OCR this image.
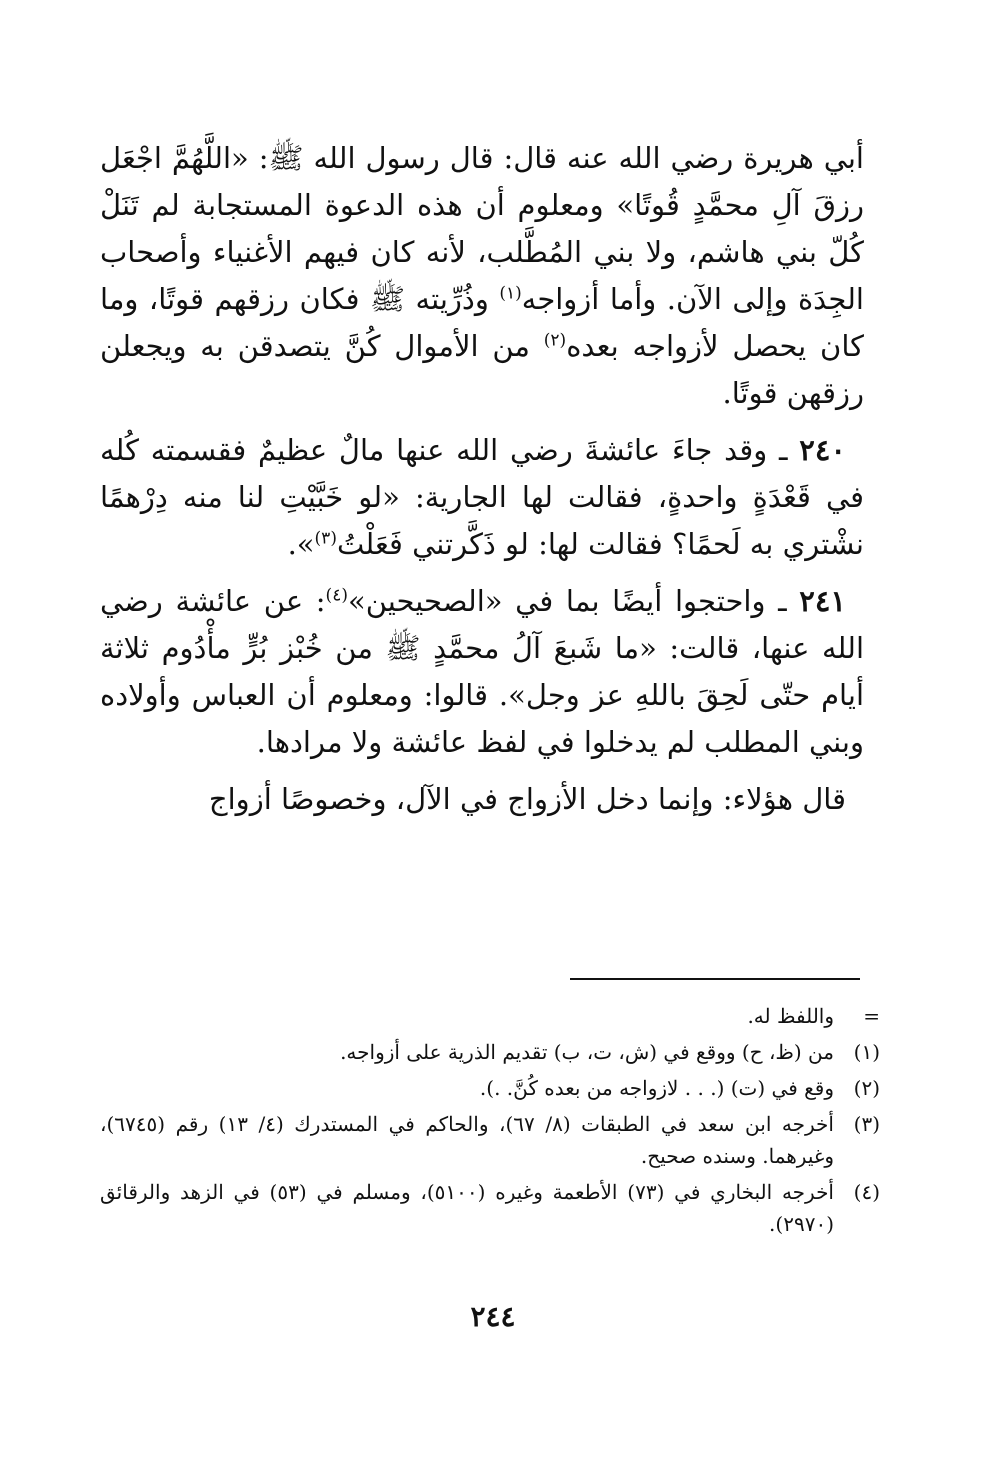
أبي هريرة رضي الله عنه قال: قال رسول الله ﷺ: «اللَّهُمَّ اجْعَل رزقَ آلِ محمَّدٍ قُوتًا» ومعلوم أن هذه الدعوة المستجابة لم تَنَلْ كُلّ بني هاشم، ولا بني المُطَّلب، لأنه كان فيهم الأغنياء وأصحاب الجِدَة وإلى الآن. وأما أزواجه$^{(١)}$ وذُرِّيته ﷺ فكان رزقهم قوتًا، وما كان يحصل لأزواجه بعده$^{(٢)}$ من الأموال كُنَّ يتصدقن به ويجعلن رزقهن قوتًا.

٢٤٠ ـ وقد جاءَ عائشةَ رضي الله عنها مالٌ عظيمٌ فقسمته كُله في قَعْدَةٍ واحدةٍ، فقالت لها الجارية: «لو خَبَّيْتِ لنا منه دِرْهمًا نشْتري به لَحمًا؟ فقالت لها: لو ذَكَّرتني فَعَلْتُ$^{(٣)}$».

٢٤١ ـ واحتجوا أيضًا بما في «الصحيحين»$^{(٤)}$: عن عائشة رضي الله عنها، قالت: «ما شَبعَ آلُ محمَّدٍ ﷺ من خُبْز بُرٍّ مأْدُوم ثلاثة أيام حتّى لَحِقَ باللهِ عز وجل». قالوا: ومعلوم أن العباس وأولاده وبني المطلب لم يدخلوا في لفظ عائشة ولا مرادها.

قال هؤلاء: وإنما دخل الأزواج في الآل، وخصوصًا أزواج

=
واللفظ له.
(١)
من (ظ، ح) ووقع في (ش، ت، ب) تقديم الذرية على أزواجه.
(٢)
وقع في (ت) (. . . لازواجه من بعده كُنَّ. .).
(٣)
أخرجه ابن سعد في الطبقات (٨/ ٦٧)، والحاكم في المستدرك (٤/ ١٣) رقم (٦٧٤٥)، وغيرهما. وسنده صحيح.
(٤)
أخرجه البخاري في (٧٣) الأطعمة وغيره (٥١٠٠)، ومسلم في (٥٣) في الزهد والرقائق (٢٩٧٠).
٢٤٤
